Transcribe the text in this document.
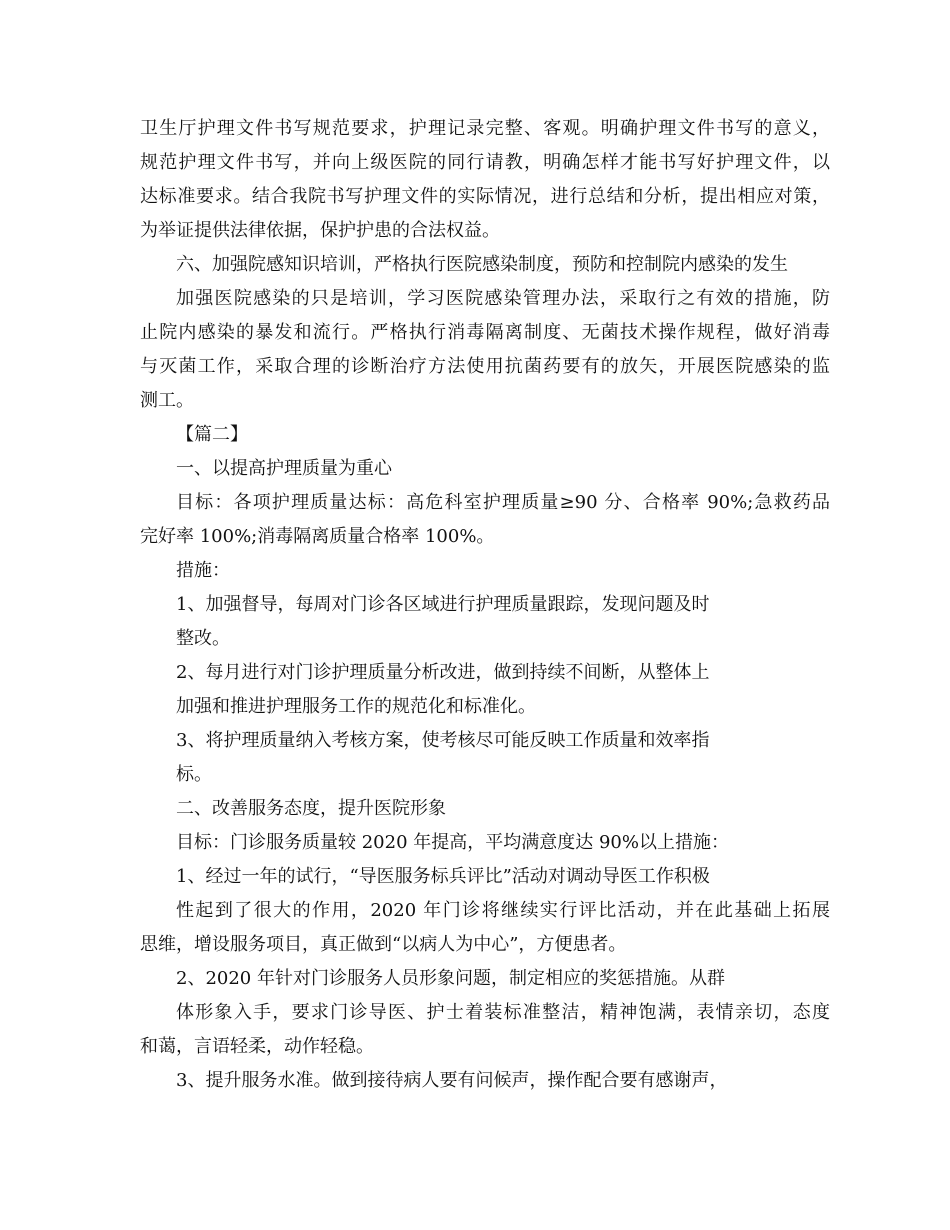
卫生厅护理文件书写规范要求，护理记录完整、客观。明确护理文件书写的意义，
规范护理文件书写，并向上级医院的同行请教，明确怎样才能书写好护理文件，以
达标准要求。结合我院书写护理文件的实际情况，进行总结和分析，提出相应对策，
为举证提供法律依据，保护护患的合法权益。
六、加强院感知识培训，严格执行医院感染制度，预防和控制院内感染的发生
加强医院感染的只是培训，学习医院感染管理办法，采取行之有效的措施，防
止院内感染的暴发和流行。严格执行消毒隔离制度、无菌技术操作规程，做好消毒
与灭菌工作，采取合理的诊断治疗方法使用抗菌药要有的放矢，开展医院感染的监
测工。
【篇二】
一、以提高护理质量为重心
目标：各项护理质量达标：高危科室护理质量≥90 分、合格率 90%;急救药品
完好率 100%;消毒隔离质量合格率 100%。
措施：
1、加强督导，每周对门诊各区域进行护理质量跟踪，发现问题及时
整改。
2、每月进行对门诊护理质量分析改进，做到持续不间断，从整体上
加强和推进护理服务工作的规范化和标准化。
3、将护理质量纳入考核方案，使考核尽可能反映工作质量和效率指
标。
二、改善服务态度，提升医院形象
目标：门诊服务质量较 2020 年提高，平均满意度达 90%以上措施：
1、经过一年的试行，“导医服务标兵评比”活动对调动导医工作积极
性起到了很大的作用，2020 年门诊将继续实行评比活动，并在此基础上拓展
思维，增设服务项目，真正做到“以病人为中心”，方便患者。
2、2020 年针对门诊服务人员形象问题，制定相应的奖惩措施。从群
体形象入手，要求门诊导医、护士着装标准整洁，精神饱满，表情亲切，态度
和蔼，言语轻柔，动作轻稳。
3、提升服务水准。做到接待病人要有问候声，操作配合要有感谢声，
